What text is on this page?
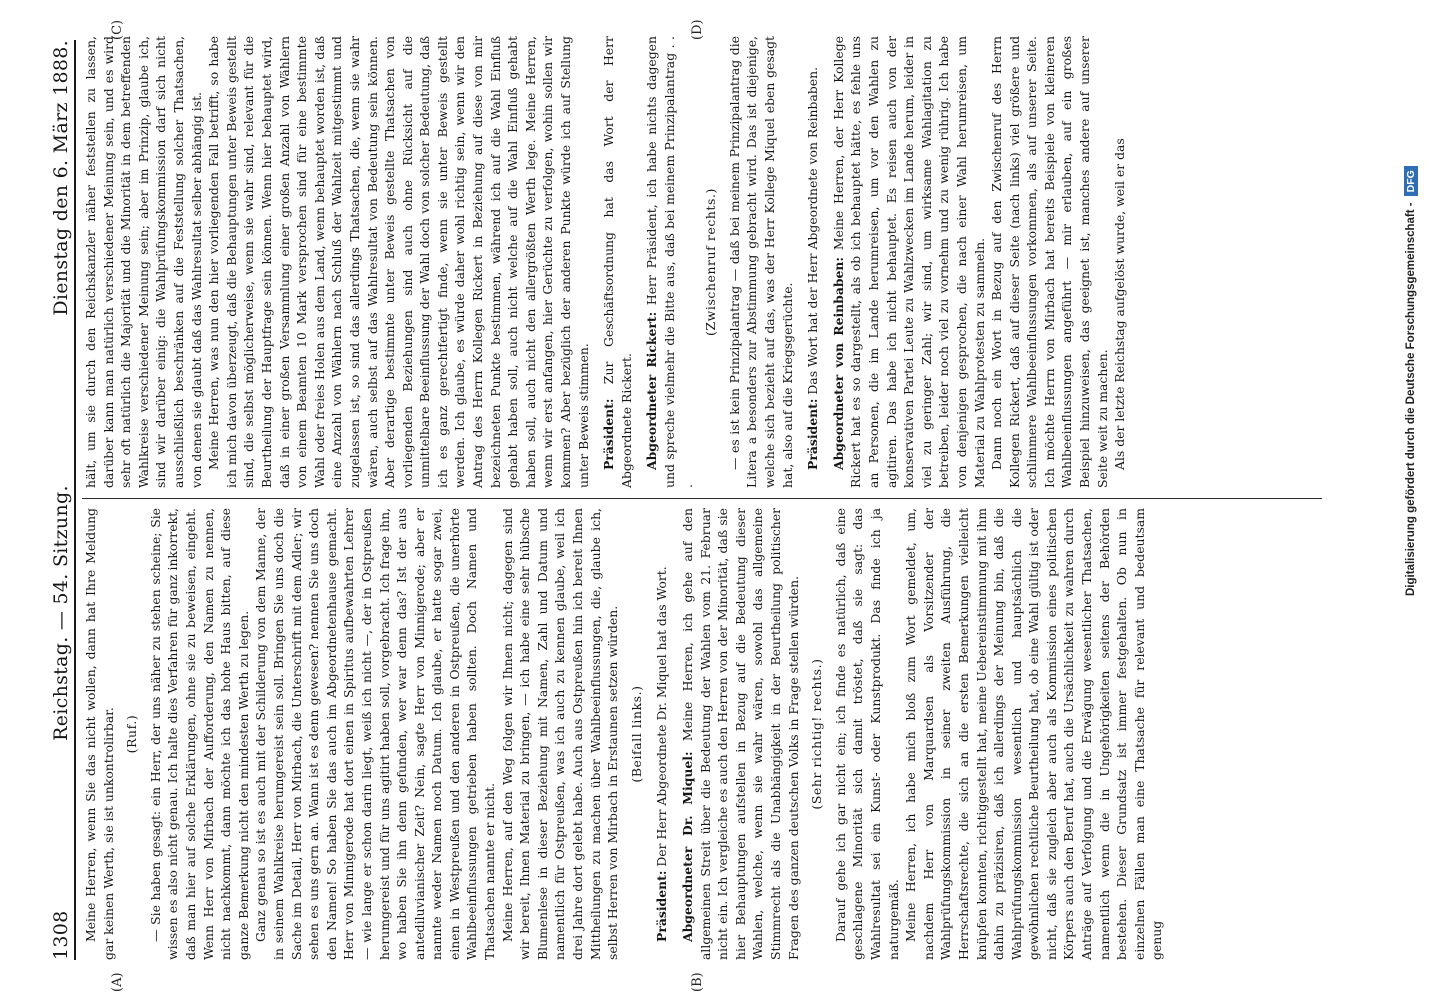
1308
Reichstag. — 54. Sitzung.
Dienstag den 6. März 1888.

Meine Herren, wenn Sie das nicht wollen, dann hat Ihre Meldung gar keinen Werth, sie ist unkontrolirbar. (Ruf.) — Sie haben gesagt: ein Herr, der uns näher zu stehen scheine; Sie wissen es also nicht genau. Ich halte dies Verfahren für ganz inkorrekt, daß man hier auf solche Erklärungen, ohne sie zu beweisen, eingeht. Wenn Herr von Mirbach der Aufforderung, den Namen zu nennen, nicht nachkommt, dann möchte ich das hohe Haus bitten, auf diese ganze Bemerkung nicht den mindesten Werth zu legen. Ganz genau so ist es auch mit der Schilderung von dem Manne, der in seinem Wahlkreise herumgereist sein soll. Bringen Sie uns doch die Sache im Detail, Herr von Mirbach, die Unterschrift mit dem Adler; wir sehen es uns gern an. Wann ist es denn gewesen? nennen Sie uns doch den Namen! So haben Sie das auch im Abgeordnetenhause gemacht. Herr von Minnigerode hat dort einen in Spiritus aufbewahrten Lehrer — wie lange er schon darin liegt, weiß ich nicht —, der in Ostpreußen herumgereist und für uns agitirt haben soll, vorgebracht. Ich frage ihn, wo haben Sie ihn denn gefunden, wer war denn das? Ist der aus antediluvianischer Zeit? Nein, sagte Herr von Minnigerode; aber er nannte weder Namen noch Datum. Ich glaube, er hatte sogar zwei, einen in Westpreußen und den anderen in Ostpreußen, die unerhörte Wahlbeeinflussungen getrieben haben sollten. Doch Namen und Thatsachen nannte er nicht. Meine Herren, auf den Weg folgen wir Ihnen nicht; dagegen sind wir bereit, Ihnen Material zu bringen, — ich habe eine sehr hübsche Blumenlese in dieser Beziehung mit Namen, Zahl und Datum und namentlich für Ostpreußen, was ich auch zu kennen glaube, weil ich drei Jahre dort gelebt habe. Auch aus Ostpreußen hin ich bereit Ihnen Mittheilungen zu machen über Wahlbeeinflussungen, die, glaube ich, selbst Herren von Mirbach in Erstaunen setzen würden. (Beifall links.)

Präsident: Der Herr Abgeordnete Dr. Miquel hat das Wort. Abgeordneter Dr. Miquel: Meine Herren, ich gehe auf den allgemeinen Streit über die Bedeutung der Wahlen vom 21. Februar nicht ein. Ich vergleiche es auch den Herren von der Minorität, daß sie hier Behauptungen aufstellen in Bezug auf die Bedeutung dieser Wahlen, welche, wenn sie wahr wären, sowohl das allgemeine Stimmrecht als die Unabhängigkeit in der Beurtheilung politischer Fragen des ganzen deutschen Volks in Frage stellen würden. (Sehr richtig! rechts.) Darauf gehe ich gar nicht ein; ich finde es natürlich, daß eine geschlagene Minorität sich damit tröstet, daß sie sagt: das Wahlresultat sei ein Kunst- oder Kunstprodukt. Das finde ich ja naturgemäß. Meine Herren, ich habe mich bloß zum Wort gemeldet, um, nachdem Herr von Marquardsen als Vorsitzender der Wahlprüfungskommission in seiner zweiten Ausführung, die Herrschaftsrechte, die sich an die ersten Bemerkungen vielleicht knüpfen konnten, richtiggestellt hat, meine Uebereinstimmung mit ihm dahin zu präzisiren, daß ich allerdings der Meinung bin, daß die Wahlprüfungskommission wesentlich und hauptsächlich die gewöhnlichen rechtliche Beurtheilung hat, ob eine Wahl gültig ist oder nicht, daß sie zugleich aber auch als Kommission eines politischen Körpers auch den Beruf hat, auch die Ursächlichkeit zu wahren durch Anträge auf Verfolgung und die Erwägung wesentlicher Thatsachen, namentlich wenn die in Ungehörigkeiten seitens der Behörden bestehen. Dieser Grundsatz ist immer festgehalten. Ob nun in einzelnen Fällen man eine Thatsache für relevant und bedeutsam genug

hält, um sie durch den Reichskanzler näher feststellen zu lassen, darüber kann man natürlich verschiedener Meinung sein, und es wird sehr oft natürlich die Majorität und die Minorität in dem betreffenden Wahlkreise verschiedener Meinung sein; aber im Prinzip, glaube ich, sind wir darüber einig: die Wahlprüfungskommission darf sich nicht ausschließlich beschränken auf die Feststellung solcher Thatsachen, von denen sie glaubt daß das Wahlresultat selber abhängig ist. Meine Herren, was nun den hier vorliegenden Fall betrifft, so habe ich mich davon überzeugt, daß die Behauptungen unter Beweis gestellt sind, die selbst möglicherweise, wenn sie wahr sind, relevant für die Beurtheilung der Hauptfrage sein können. Wenn hier behauptet wird, daß in einer großen Versammlung einer großen Anzahl von Wählern von einem Beamten 10 Mark versprochen sind für eine bestimmte Wahl oder freies Holen aus dem Land, wenn behauptet worden ist, daß eine Anzahl von Wählern nach Schluß der Wahlzeit mitgestimmt und zugelassen ist, so sind das allerdings Thatsachen, die, wenn sie wahr wären, auch selbst auf das Wahlresultat von Bedeutung sein können. Aber derartige bestimmte unter Beweis gestellte Thatsachen von vorliegenden Beziehungen sind auch ohne Rücksicht auf die unmittelbare Beeinflussung der Wahl doch von solcher Bedeutung, daß ich es ganz gerechtfertigt finde, wenn sie unter Beweis gestellt werden. Ich glaube, es würde daher wohl richtig sein, wenn wir den Antrag des Herrn Kollegen Rickert in Beziehung auf diese von mir bezeichneten Punkte bestimmen, während ich auf die Wahl Einfluß gehabt haben soll, auch nicht welche auf die Wahl Einfluß gehabt haben soll, auch nicht den allergrößten Werth lege. Meine Herren, wenn wir erst anfangen, hier Gerüchte zu verfolgen, wohin sollen wir kommen? Aber bezüglich der anderen Punkte würde ich auf Stellung unter Beweis stimmen. Präsident: Zur Geschäftsordnung hat das Wort der Herr Abgeordnete Rickert. Abgeordneter Rickert: Herr Präsident, ich habe nichts dagegen und spreche vielmehr die Bitte aus, daß bei meinem Prinzipalantrag . . .

(Zwischenruf rechts.) — es ist kein Prinzipalantrag — daß bei meinem Prinzipalantrag die Litera a besonders zur Abstimmung gebracht wird. Das ist diejenige, welche sich bezieht auf das, was der Herr Kollege Miquel eben gesagt hat, also auf die Kriegsgerüchte. Präsident: Das Wort hat der Herr Abgeordnete von Reinbaben. Abgeordneter von Reinbaben: Meine Herren, der Herr Kollege Rickert hat es so dargestellt, als ob ich behauptet hätte, es fehle uns an Personen, die im Lande herumreisen, um vor den Wahlen zu agitiren. Das habe ich nicht behauptet. Es reisen auch von der konservativen Partei Leute zu Wahlzwecken im Lande herum, leider in viel zu geringer Zahl; wir sind, um wirksame Wahlagitation zu betreiben, leider noch viel zu vornehm und zu wenig rührig. Ich habe von denjenigen gesprochen, die nach einer Wahl herumreisen, um Material zu Wahlprotesten zu sammeln. Dann noch ein Wort in Bezug auf den Zwischenruf des Herrn Kollegen Rickert, daß auf dieser Seite (nach links) viel größere und schlimmere Wahlbeeinflussungen vorkommen, als auf unserer Seite. Ich möchte Herrn von Mirbach hat bereits Beispiele von kleineren Wahlbeeinflussungen angeführt — mir erlauben, auf ein großes Beispiel hinzuweisen, das geeignet ist, manches andere auf unserer Seite weit zu machen. Als der letzte Reichstag aufgelöst wurde, weil er das

(A)	(B)
(C)	(D)
Digitalisierung gefördert durch die Deutsche Forschungsgemeinschaft -
DFG
